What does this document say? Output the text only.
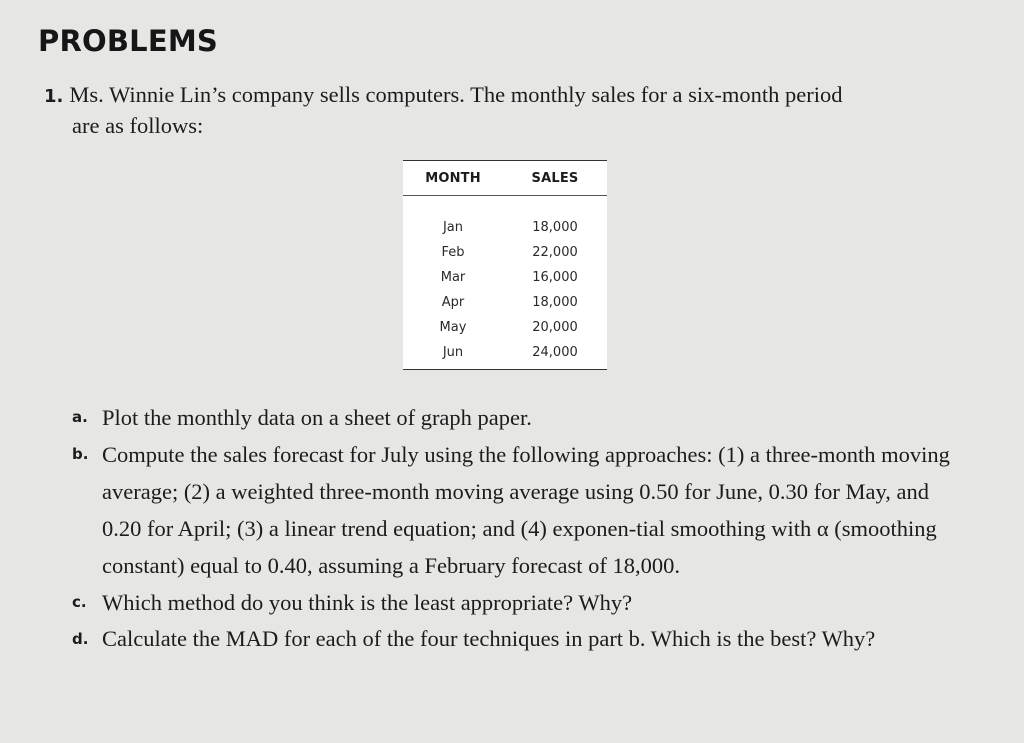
PROBLEMS
1. Ms. Winnie Lin’s company sells computers. The monthly sales for a six-month period
are as follows:
MONTH	SALES
Jan	18,000
Feb	22,000
Mar	16,000
Apr	18,000
May	20,000
Jun	24,000
a. Plot the monthly data on a sheet of graph paper.
b. Compute the sales forecast for July using the following approaches: (1) a three-month moving average; (2) a weighted three-month moving average using 0.50 for June, 0.30 for May, and 0.20 for April; (3) a linear trend equation; and (4) exponen-tial smoothing with α (smoothing constant) equal to 0.40, assuming a February forecast of 18,000.
c. Which method do you think is the least appropriate? Why?
d. Calculate the MAD for each of the four techniques in part b. Which is the best? Why?
